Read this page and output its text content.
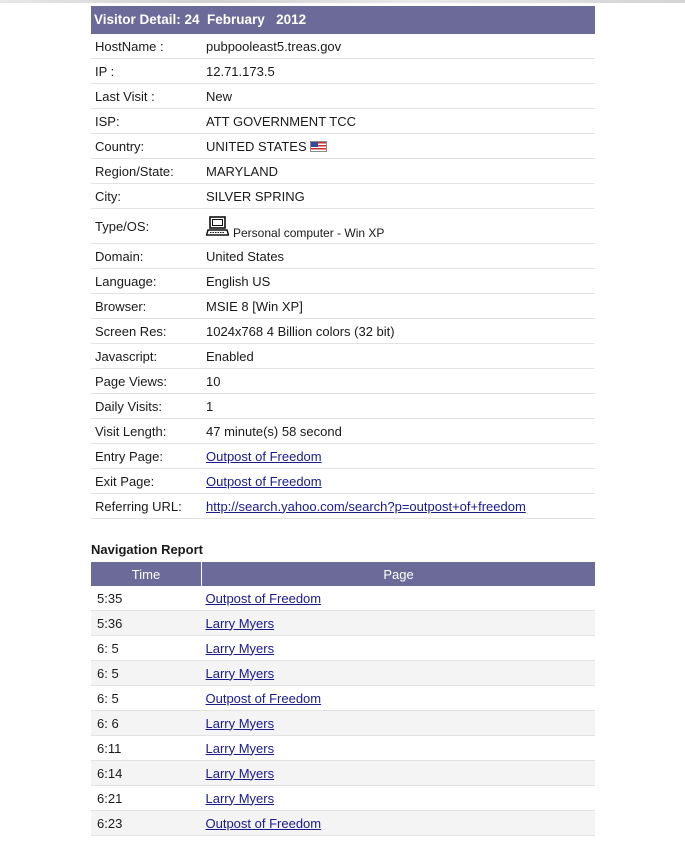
Visitor Detail: 24  February   2012
HostName :	pubpooleast5.treas.gov
IP :	12.71.173.5
Last Visit :	New
ISP:	ATT GOVERNMENT TCC
Country:	UNITED STATES
Region/State:	MARYLAND
City:	SILVER SPRING
Type/OS:	Personal computer - Win XP
Domain:	United States
Language:	English US
Browser:	MSIE 8 [Win XP]
Screen Res:	1024x768 4 Billion colors (32 bit)
Javascript:	Enabled
Page Views:	10
Daily Visits:	1
Visit Length:	47 minute(s) 58 second
Entry Page:	Outpost of Freedom
Exit Page:	Outpost of Freedom
Referring URL:	http://search.yahoo.com/search?p=outpost+of+freedom
Navigation Report
Time	Page
5:35	Outpost of Freedom
5:36	Larry Myers
6: 5	Larry Myers
6: 5	Larry Myers
6: 5	Outpost of Freedom
6: 6	Larry Myers
6:11	Larry Myers
6:14	Larry Myers
6:21	Larry Myers
6:23	Outpost of Freedom
